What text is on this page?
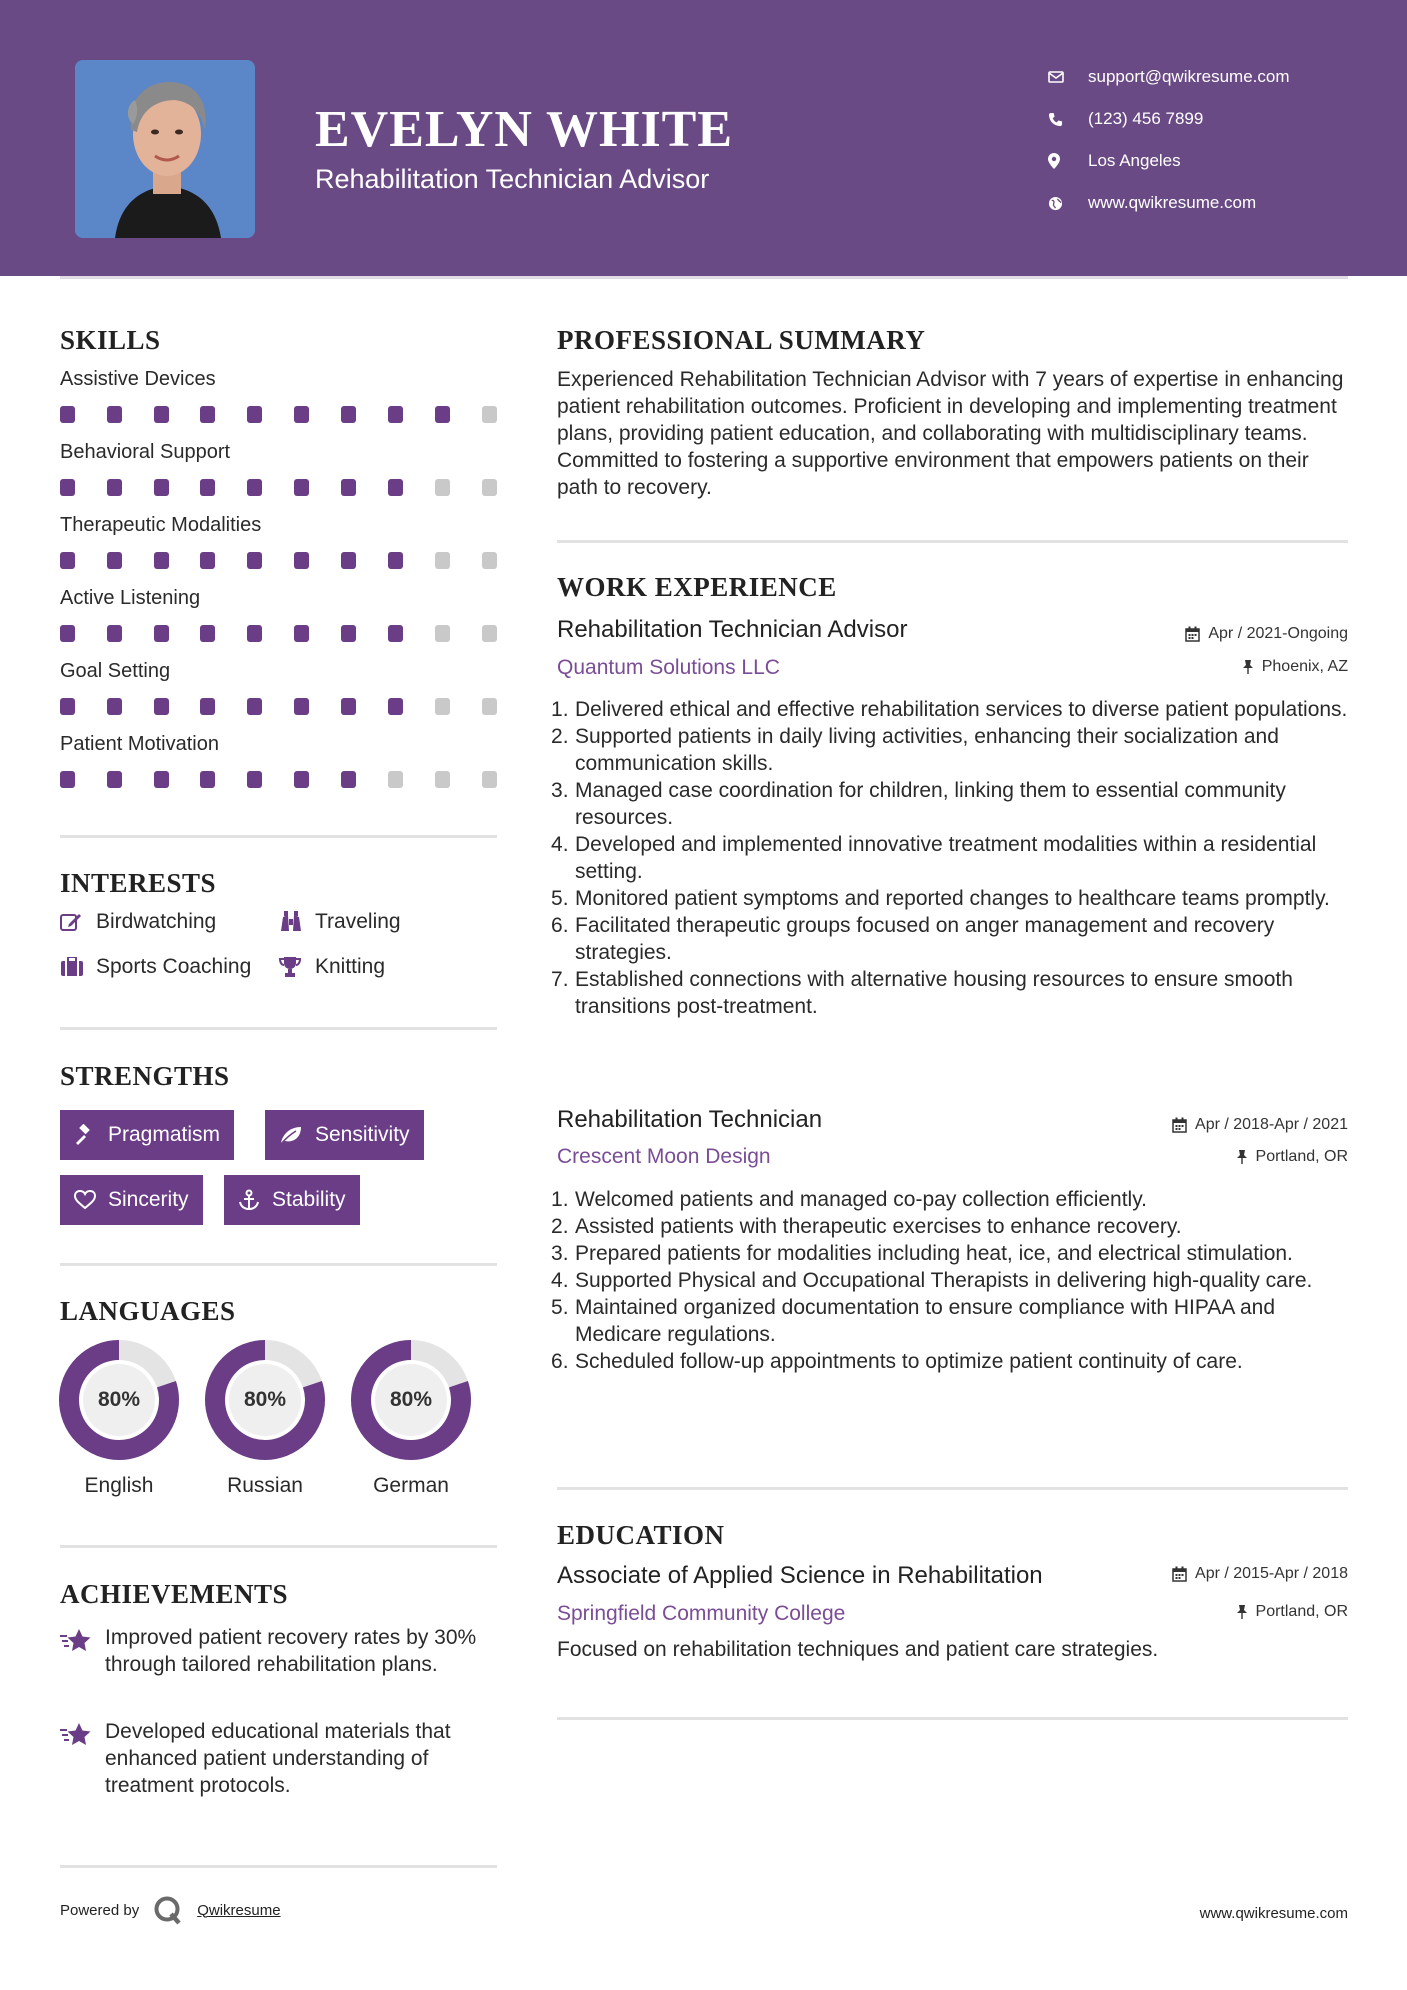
EVELYN WHITE
Rehabilitation Technician Advisor
support@qwikresume.com
(123) 456 7899
Los Angeles
www.qwikresume.com
SKILLS
Assistive Devices
Behavioral Support
Therapeutic Modalities
Active Listening
Goal Setting
Patient Motivation
INTERESTS
Birdwatching	Traveling
Sports Coaching	Knitting
STRENGTHS
Pragmatism	Sensitivity
Sincerity	Stability
LANGUAGES
80%
English
80%
Russian
80%
German
ACHIEVEMENTS
Improved patient recovery rates by 30% through tailored rehabilitation plans.
Developed educational materials that enhanced patient understanding of treatment protocols.
PROFESSIONAL SUMMARY
Experienced Rehabilitation Technician Advisor with 7 years of expertise in enhancing patient rehabilitation outcomes. Proficient in developing and implementing treatment plans, providing patient education, and collaborating with multidisciplinary teams. Committed to fostering a supportive environment that empowers patients on their path to recovery.
WORK EXPERIENCE
Rehabilitation Technician Advisor	Apr / 2021-Ongoing
Quantum Solutions LLC	Phoenix, AZ
Delivered ethical and effective rehabilitation services to diverse patient populations.
Supported patients in daily living activities, enhancing their socialization and communication skills.
Managed case coordination for children, linking them to essential community resources.
Developed and implemented innovative treatment modalities within a residential setting.
Monitored patient symptoms and reported changes to healthcare teams promptly.
Facilitated therapeutic groups focused on anger management and recovery strategies.
Established connections with alternative housing resources to ensure smooth transitions post-treatment.
Rehabilitation Technician	Apr / 2018-Apr / 2021
Crescent Moon Design	Portland, OR
Welcomed patients and managed co-pay collection efficiently.
Assisted patients with therapeutic exercises to enhance recovery.
Prepared patients for modalities including heat, ice, and electrical stimulation.
Supported Physical and Occupational Therapists in delivering high-quality care.
Maintained organized documentation to ensure compliance with HIPAA and Medicare regulations.
Scheduled follow-up appointments to optimize patient continuity of care.
EDUCATION
Associate of Applied Science in Rehabilitation	Apr / 2015-Apr / 2018
Springfield Community College	Portland, OR
Focused on rehabilitation techniques and patient care strategies.
Powered by	Qwikresume	www.qwikresume.com
